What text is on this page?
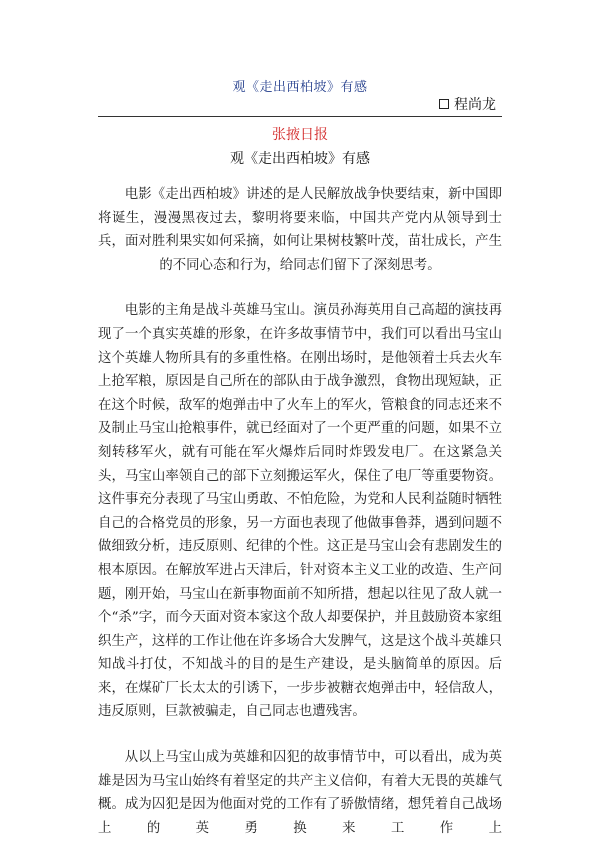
观《走出西柏坡》有感
程尚龙
张掖日报
观《走出西柏坡》有感

电影《走出西柏坡》讲述的是人民解放战争快要结束，新中国即将诞生，漫漫黑夜过去，黎明将要来临，中国共产党内从领导到士兵，面对胜利果实如何采摘，如何让果树枝繁叶茂，苗壮成长，产生的不同心态和行为，给同志们留下了深刻思考。

电影的主角是战斗英雄马宝山。演员孙海英用自己高超的演技再现了一个真实英雄的形象，在许多故事情节中，我们可以看出马宝山这个英雄人物所具有的多重性格。在刚出场时，是他领着士兵去火车上抢军粮，原因是自己所在的部队由于战争激烈，食物出现短缺，正在这个时候，敌军的炮弹击中了火车上的军火，管粮食的同志还来不及制止马宝山抢粮事件，就已经面对了一个更严重的问题，如果不立刻转移军火，就有可能在军火爆炸后同时炸毁发电厂。在这紧急关头，马宝山率领自己的部下立刻搬运军火，保住了电厂等重要物资。这件事充分表现了马宝山勇敢、不怕危险，为党和人民利益随时牺牲自己的合格党员的形象，另一方面也表现了他做事鲁莽，遇到问题不做细致分析，违反原则、纪律的个性。这正是马宝山会有悲剧发生的根本原因。在解放军进占天津后，针对资本主义工业的改造、生产问题，刚开始，马宝山在新事物面前不知所措，想起以往见了敌人就一个“杀”字，而今天面对资本家这个敌人却要保护，并且鼓励资本家组织生产，这样的工作让他在许多场合大发脾气，这是这个战斗英雄只知战斗打仗，不知战斗的目的是生产建设，是头脑简单的原因。后来，在煤矿厂长太太的引诱下，一步步被糖衣炮弹击中，轻信敌人，违反原则，巨款被骗走，自己同志也遭残害。

从以上马宝山成为英雄和囚犯的故事情节中，可以看出，成为英雄是因为马宝山始终有着坚定的共产主义信仰，有着大无畏的英雄气概。成为囚犯是因为他面对党的工作有了骄傲情绪，想凭着自己战场上的英勇换来工作上
